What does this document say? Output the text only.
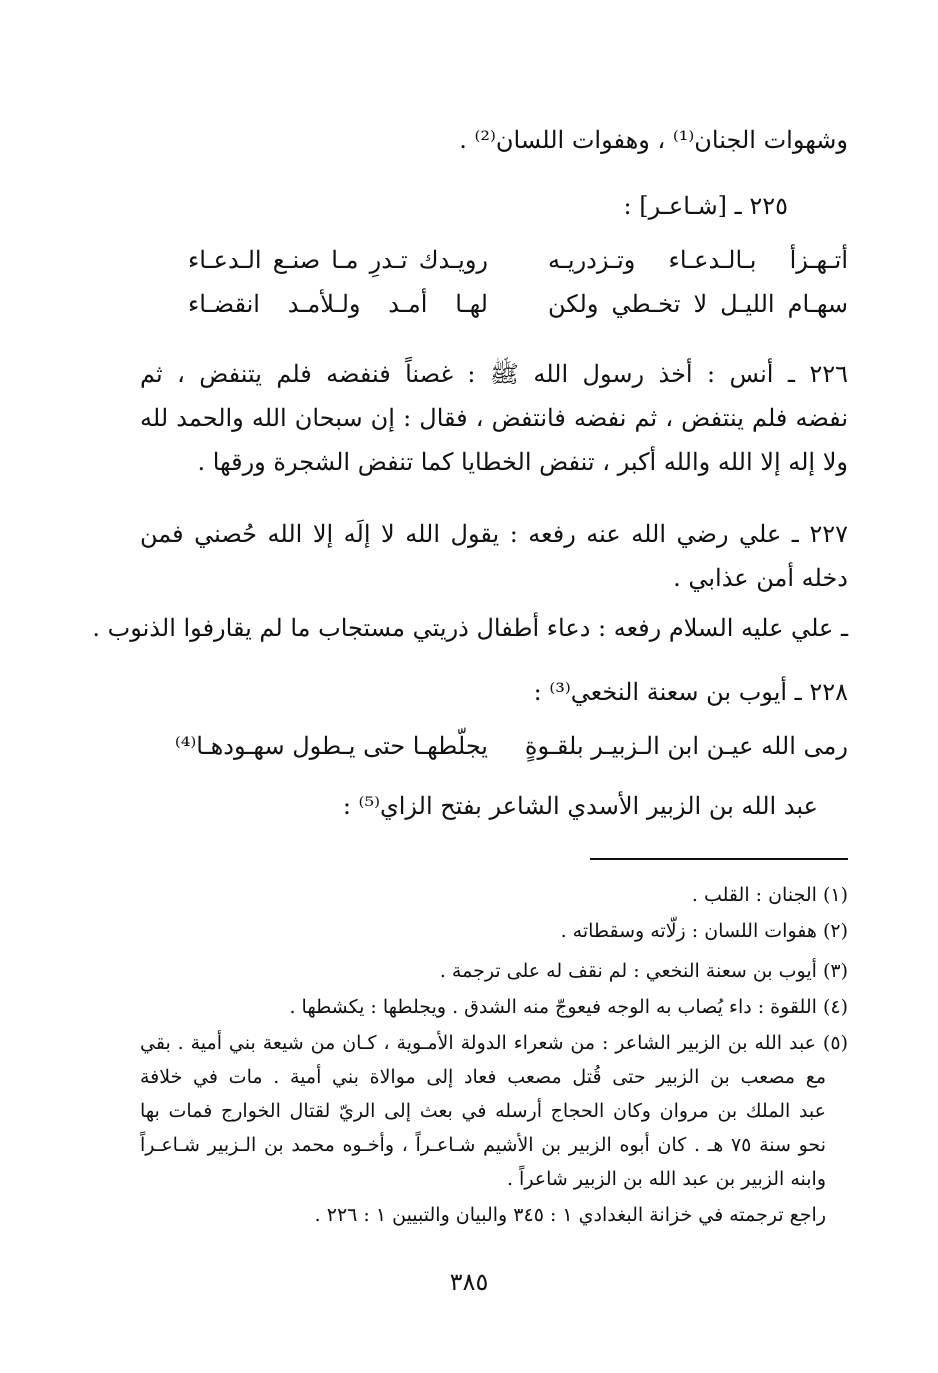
وشهوات الجنان⁽¹⁾ ، وهفوات اللسان⁽²⁾ .
٢٢٥ ـ [شـاعـر] :
أتـهـزأ بـالـدعـاء وتـزدريـه
رويـدك تـدرِ مـا صنـع الـدعـاء
سهـام الليـل لا تخـطي ولكن
لهـا أمـد ولـلأمـد انقضـاء
٢٢٦ ـ أنس : أخذ رسول الله ﷺ : غصناً فنفضه فلم يتنفض ، ثم
نفضه فلم ينتفض ، ثم نفضه فانتفض ، فقال : إن سبحان الله والحمد لله
ولا إله إلا الله والله أكبر ، تنفض الخطايا كما تنفض الشجرة ورقها .
٢٢٧ ـ علي رضي الله عنه رفعه : يقول الله لا إلَه إلا الله حُصني فمن
دخله أمن عذابي .
ـ علي عليه السلام رفعه : دعاء أطفال ذريتي مستجاب ما لم يقارفوا الذنوب .
٢٢٨ ـ أيوب بن سعنة النخعي⁽³⁾ :
رمى الله عيـن ابن الـزبيـر بلقـوةٍ
يجلّطهـا حتى يـطول سهـودهـا⁽⁴⁾
عبد الله بن الزبير الأسدي الشاعر بفتح الزاي⁽⁵⁾ :
(١) الجنان : القلب .
(٢) هفوات اللسان : زلّاته وسقطاته .
(٣) أيوب بن سعنة النخعي : لم نقف له على ترجمة .
(٤) اللقوة : داء يُصاب به الوجه فيعوجّ منه الشدق . ويجلطها : يكشطها .
(٥) عبد الله بن الزبير الشاعر : من شعراء الدولة الأمـوية ، كـان من شيعة بني أمية . بقي
مع مصعب بن الزبير حتى قُتل مصعب فعاد إلى موالاة بني أمية . مات في خلافة
عبد الملك بن مروان وكان الحجاج أرسله في بعث إلى الريّ لقتال الخوارج فمات بها
نحو سنة ٧٥ هـ . كان أبوه الزبير بن الأشيم شـاعـراً ، وأخـوه محمد بن الـزبير شـاعـراً
وابنه الزبير بن عبد الله بن الزبير شاعراً .
راجع ترجمته في خزانة البغدادي ١ : ٣٤٥ والبيان والتبيين ١ : ٢٢٦ .
٣٨٥
